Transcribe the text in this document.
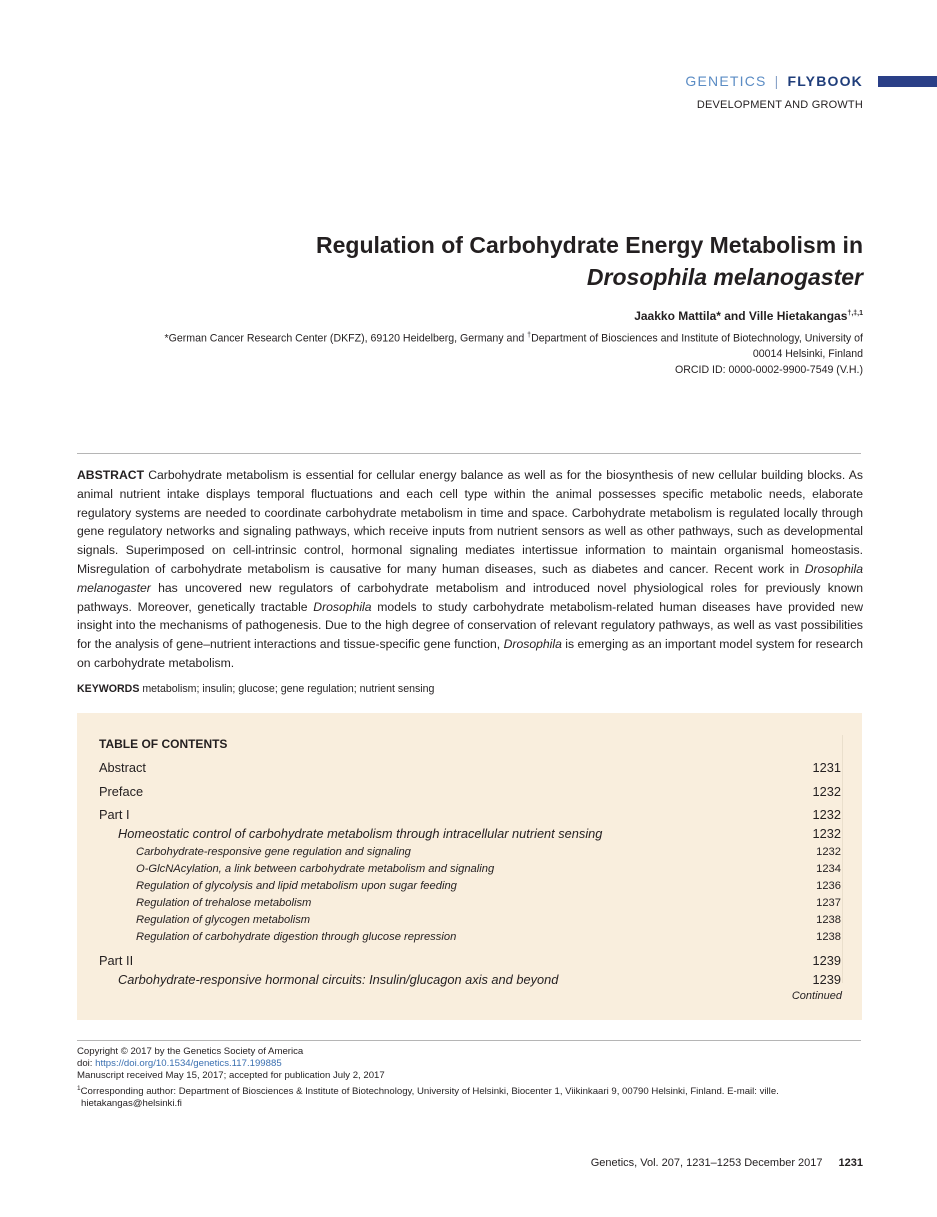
GENETICS | FLYBOOK
DEVELOPMENT AND GROWTH
Regulation of Carbohydrate Energy Metabolism in
Drosophila melanogaster
Jaakko Mattila* and Ville Hietakangas$^{\dagger,\ddagger,1}$
*German Cancer Research Center (DKFZ), 69120 Heidelberg, Germany and †Department of Biosciences and Institute of Biotechnology, University of
00014 Helsinki, Finland
ORCID ID: 0000-0002-9900-7549 (V.H.)
ABSTRACT Carbohydrate metabolism is essential for cellular energy balance as well as for the biosynthesis of new cellular building blocks. As animal nutrient intake displays temporal fluctuations and each cell type within the animal possesses specific metabolic needs, elaborate regulatory systems are needed to coordinate carbohydrate metabolism in time and space. Carbohydrate metabolism is regulated locally through gene regulatory networks and signaling pathways, which receive inputs from nutrient sensors as well as other pathways, such as developmental signals. Superimposed on cell-intrinsic control, hormonal signaling mediates intertissue information to maintain organismal homeostasis. Misregulation of carbohydrate metabolism is causative for many human diseases, such as diabetes and cancer. Recent work in Drosophila melanogaster has uncovered new regulators of carbohydrate metabolism and introduced novel physiological roles for previously known pathways. Moreover, genetically tractable Drosophila models to study carbohydrate metabolism-related human diseases have provided new insight into the mechanisms of pathogenesis. Due to the high degree of conservation of relevant regulatory pathways, as well as vast possibilities for the analysis of gene–nutrient interactions and tissue-specific gene function, Drosophila is emerging as an important model system for research on carbohydrate metabolism.
KEYWORDS metabolism; insulin; glucose; gene regulation; nutrient sensing
TABLE OF CONTENTS
Abstract	1231
Preface	1232
Part I	1232
Homeostatic control of carbohydrate metabolism through intracellular nutrient sensing	1232
Carbohydrate-responsive gene regulation and signaling	1232
O-GlcNAcylation, a link between carbohydrate metabolism and signaling	1234
Regulation of glycolysis and lipid metabolism upon sugar feeding	1236
Regulation of trehalose metabolism	1237
Regulation of glycogen metabolism	1238
Regulation of carbohydrate digestion through glucose repression	1238
Part II	1239
Carbohydrate-responsive hormonal circuits: Insulin/glucagon axis and beyond	1239
Continued
Copyright © 2017 by the Genetics Society of America
doi: https://doi.org/10.1534/genetics.117.199885
Manuscript received May 15, 2017; accepted for publication July 2, 2017
$^1$Corresponding author: Department of Biosciences & Institute of Biotechnology, University of Helsinki, Biocenter 1, Viikinkaari 9, 00790 Helsinki, Finland. E-mail: ville.
hietakangas@helsinki.fi
Genetics, Vol. 207, 1231–1253 December 2017 1231
